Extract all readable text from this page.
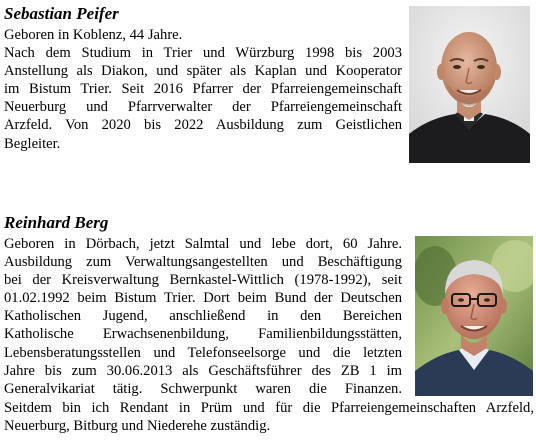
Sebastian Peifer
Geboren in Koblenz, 44 Jahre.
Nach dem Studium in Trier und Würzburg 1998 bis 2003
Anstellung als Diakon, und später als Kaplan und Kooperator
im Bistum Trier. Seit 2016 Pfarrer der Pfarreiengemeinschaft
Neuerburg und Pfarrverwalter der Pfarreiengemeinschaft
Arzfeld. Von 2020 bis 2022 Ausbildung zum Geistlichen
Begleiter.
Reinhard Berg
Geboren in Dörbach, jetzt Salmtal und lebe dort, 60 Jahre.
Ausbildung zum Verwaltungsangestellten und Beschäftigung
bei der Kreisverwaltung Bernkastel-Wittlich (1978-1992), seit
01.02.1992 beim Bistum Trier. Dort beim Bund der Deutschen
Katholischen Jugend, anschließend in den Bereichen
Katholische Erwachsenenbildung, Familienbildungsstätten,
Lebensberatungsstellen und Telefonseelsorge und die letzten
Jahre bis zum 30.06.2013 als Geschäftsführer des ZB 1 im
Generalvikariat tätig. Schwerpunkt waren die Finanzen.
Seitdem bin ich Rendant in Prüm und für die Pfarreiengemeinschaften Arzfeld,
Neuerburg, Bitburg und Niederehe zuständig.
